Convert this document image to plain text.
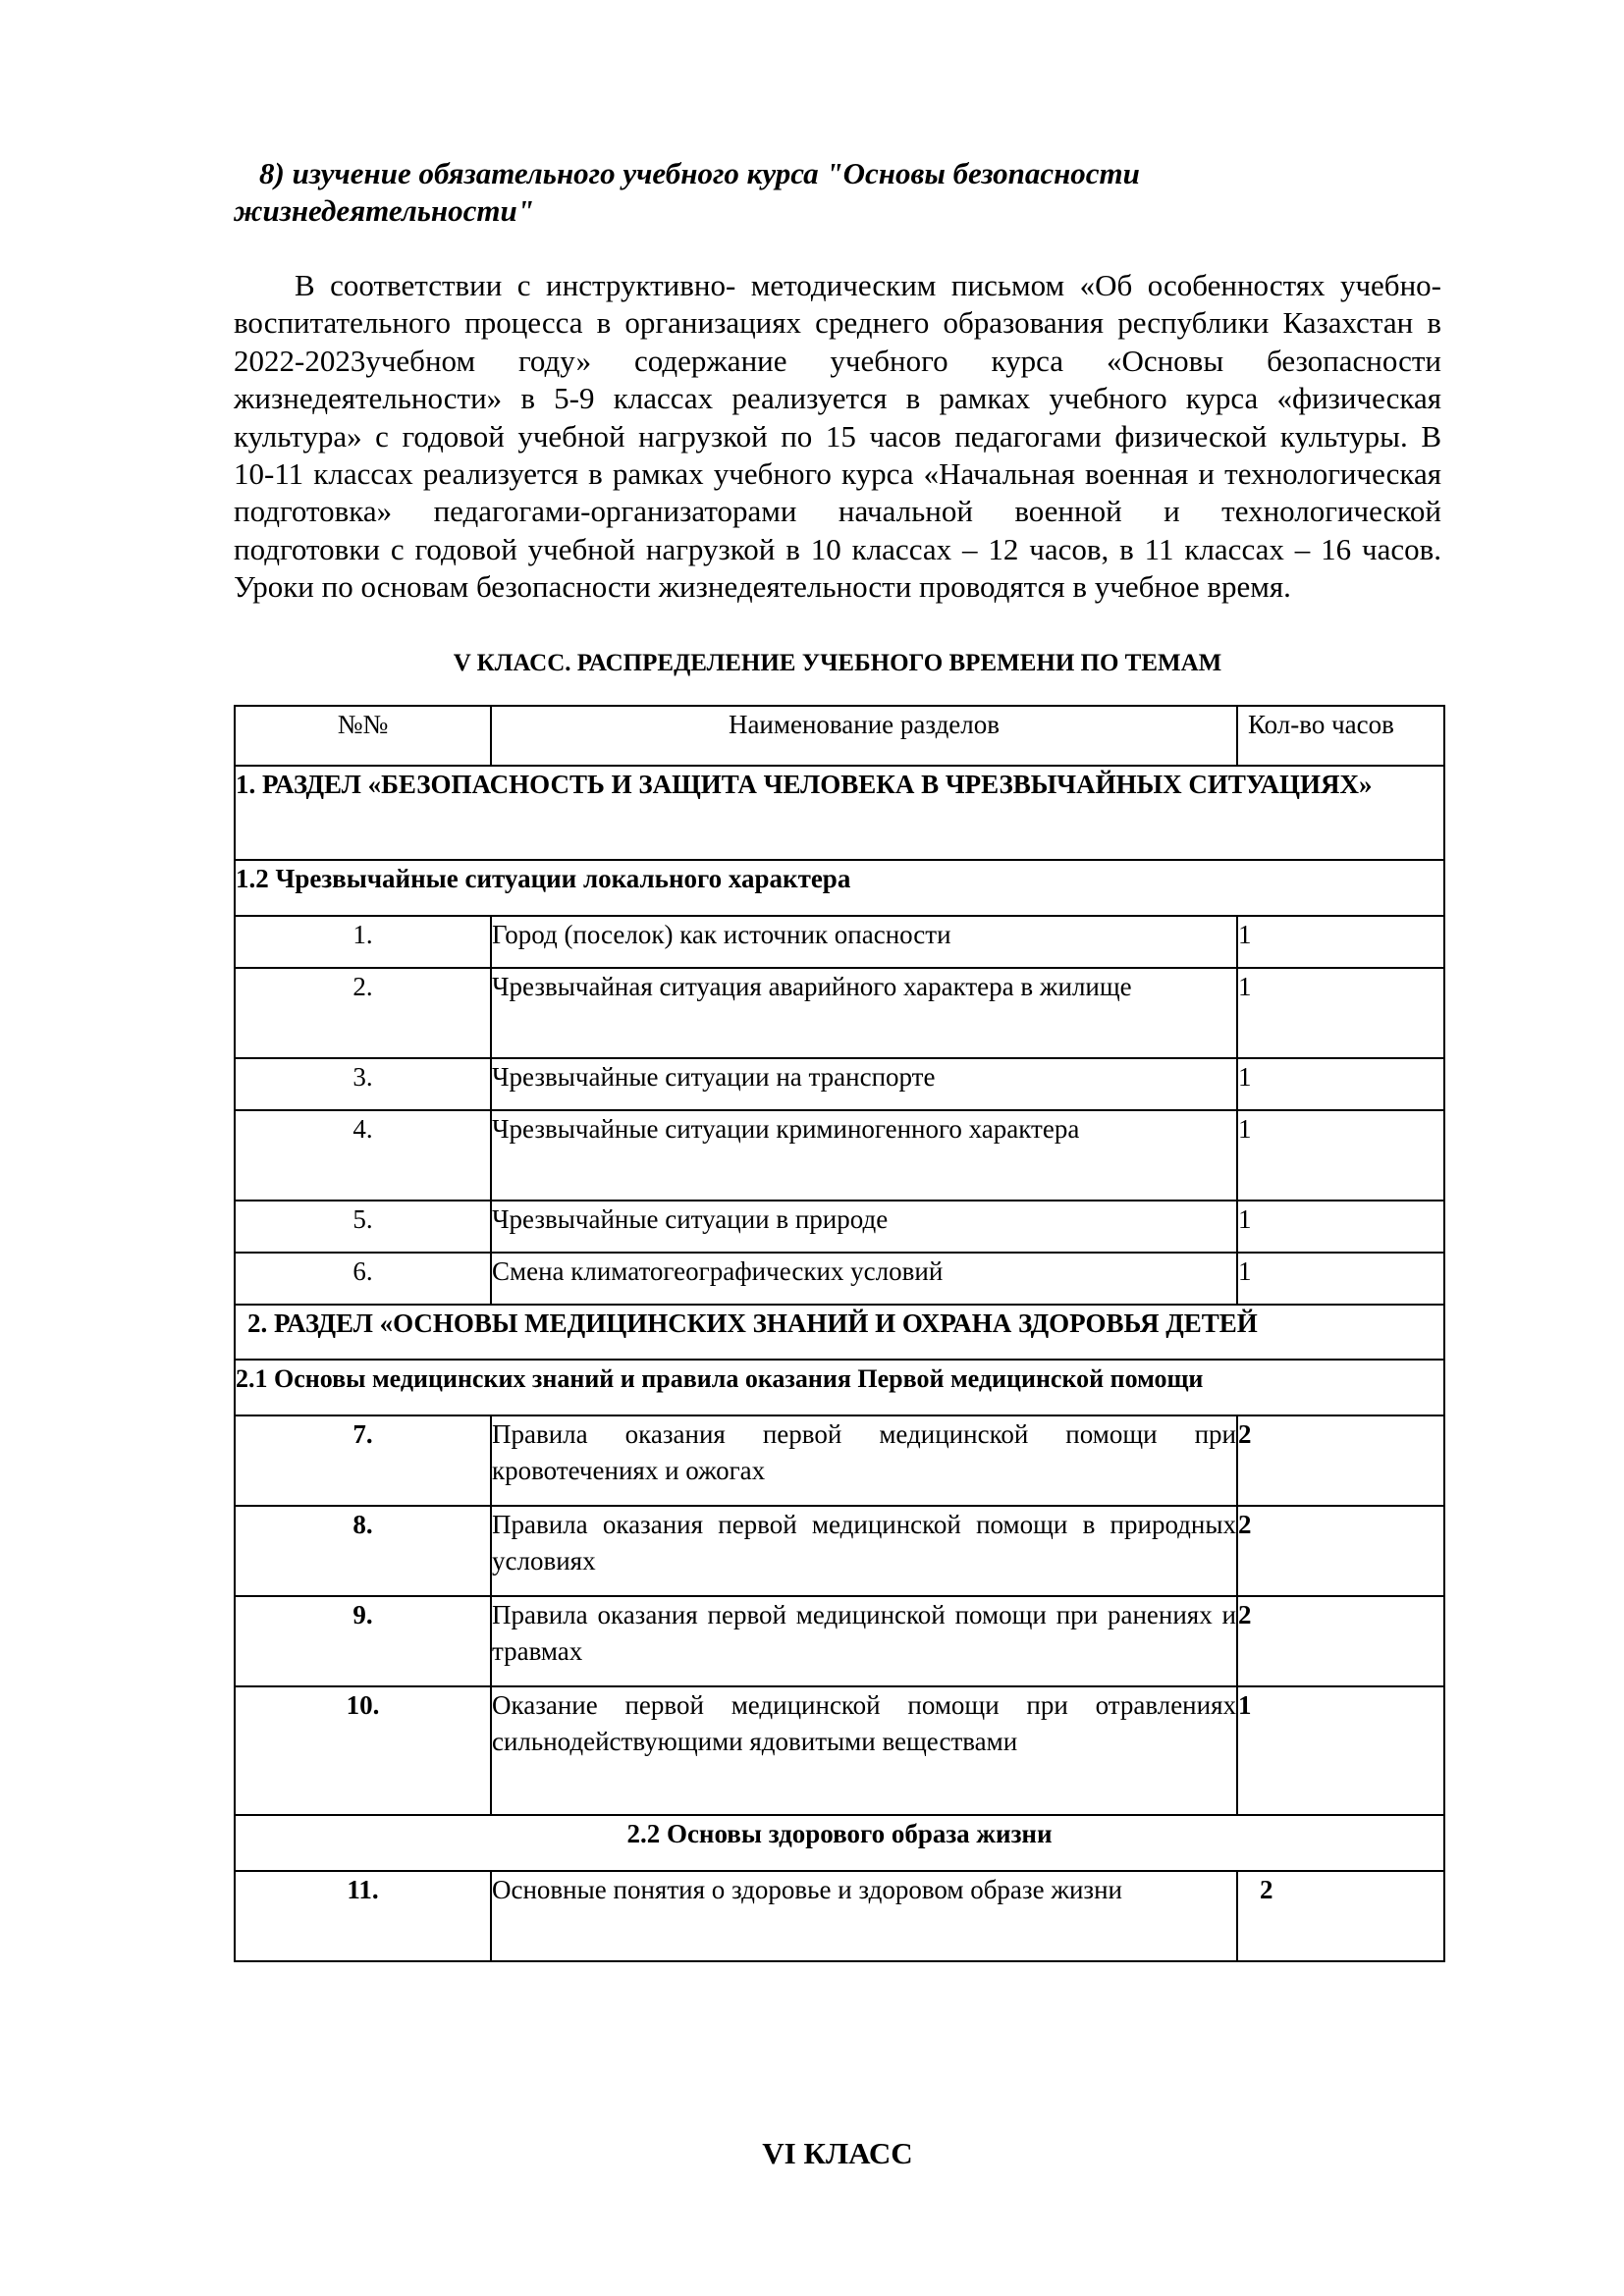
8) изучение обязательного учебного курса "Основы безопасности
жизнедеятельности"
В соответствии с инструктивно- методическим письмом «Об особенностях учебно-
воспитательного процесса в организациях среднего образования республики Казахстан в
2022-2023учебном году» содержание учебного курса «Основы безопасности
жизнедеятельности» в 5-9 классах реализуется в рамках учебного курса «физическая
культура» с годовой учебной нагрузкой по 15 часов педагогами физической культуры. В
10-11 классах реализуется в рамках учебного курса «Начальная военная и технологическая
подготовка» педагогами-организаторами начальной военной и технологической
подготовки с годовой учебной нагрузкой в 10 классах – 12 часов, в 11 классах – 16 часов.
Уроки по основам безопасности жизнедеятельности проводятся в учебное время.
V КЛАСС. РАСПРЕДЕЛЕНИЕ УЧЕБНОГО ВРЕМЕНИ ПО ТЕМАМ
№№	Наименование разделов	Кол-во часов
1. РАЗДЕЛ «БЕЗОПАСНОСТЬ И ЗАЩИТА ЧЕЛОВЕКА В ЧРЕЗВЫЧАЙНЫХ СИТУАЦИЯХ»		
1.2 Чрезвычайные ситуации локального характера		
1.	Город (поселок) как источник опасности	1
2.	Чрезвычайная ситуация аварийного характера в жилище	1
3.	Чрезвычайные ситуации на транспорте	1
4.	Чрезвычайные ситуации криминогенного характера	1
5.	Чрезвычайные ситуации в природе	1
6.	Смена климатогеографических условий	1
2. РАЗДЕЛ «ОСНОВЫ МЕДИЦИНСКИХ ЗНАНИЙ И ОХРАНА ЗДОРОВЬЯ ДЕТЕЙ		
2.1 Основы медицинских знаний и правила оказания Первой медицинской помощи		
7.	Правила оказания первой медицинской помощи при кровотечениях и ожогах	2
8.	Правила оказания первой медицинской помощи в природных условиях	2
9.	Правила оказания первой медицинской помощи при ранениях и травмах	2
10.	Оказание первой медицинской помощи при отравлениях сильнодействующими ядовитыми веществами	1
2.2 Основы здорового образа жизни		
11.	Основные понятия о здоровье и здоровом образе жизни	2
VI КЛАСС
